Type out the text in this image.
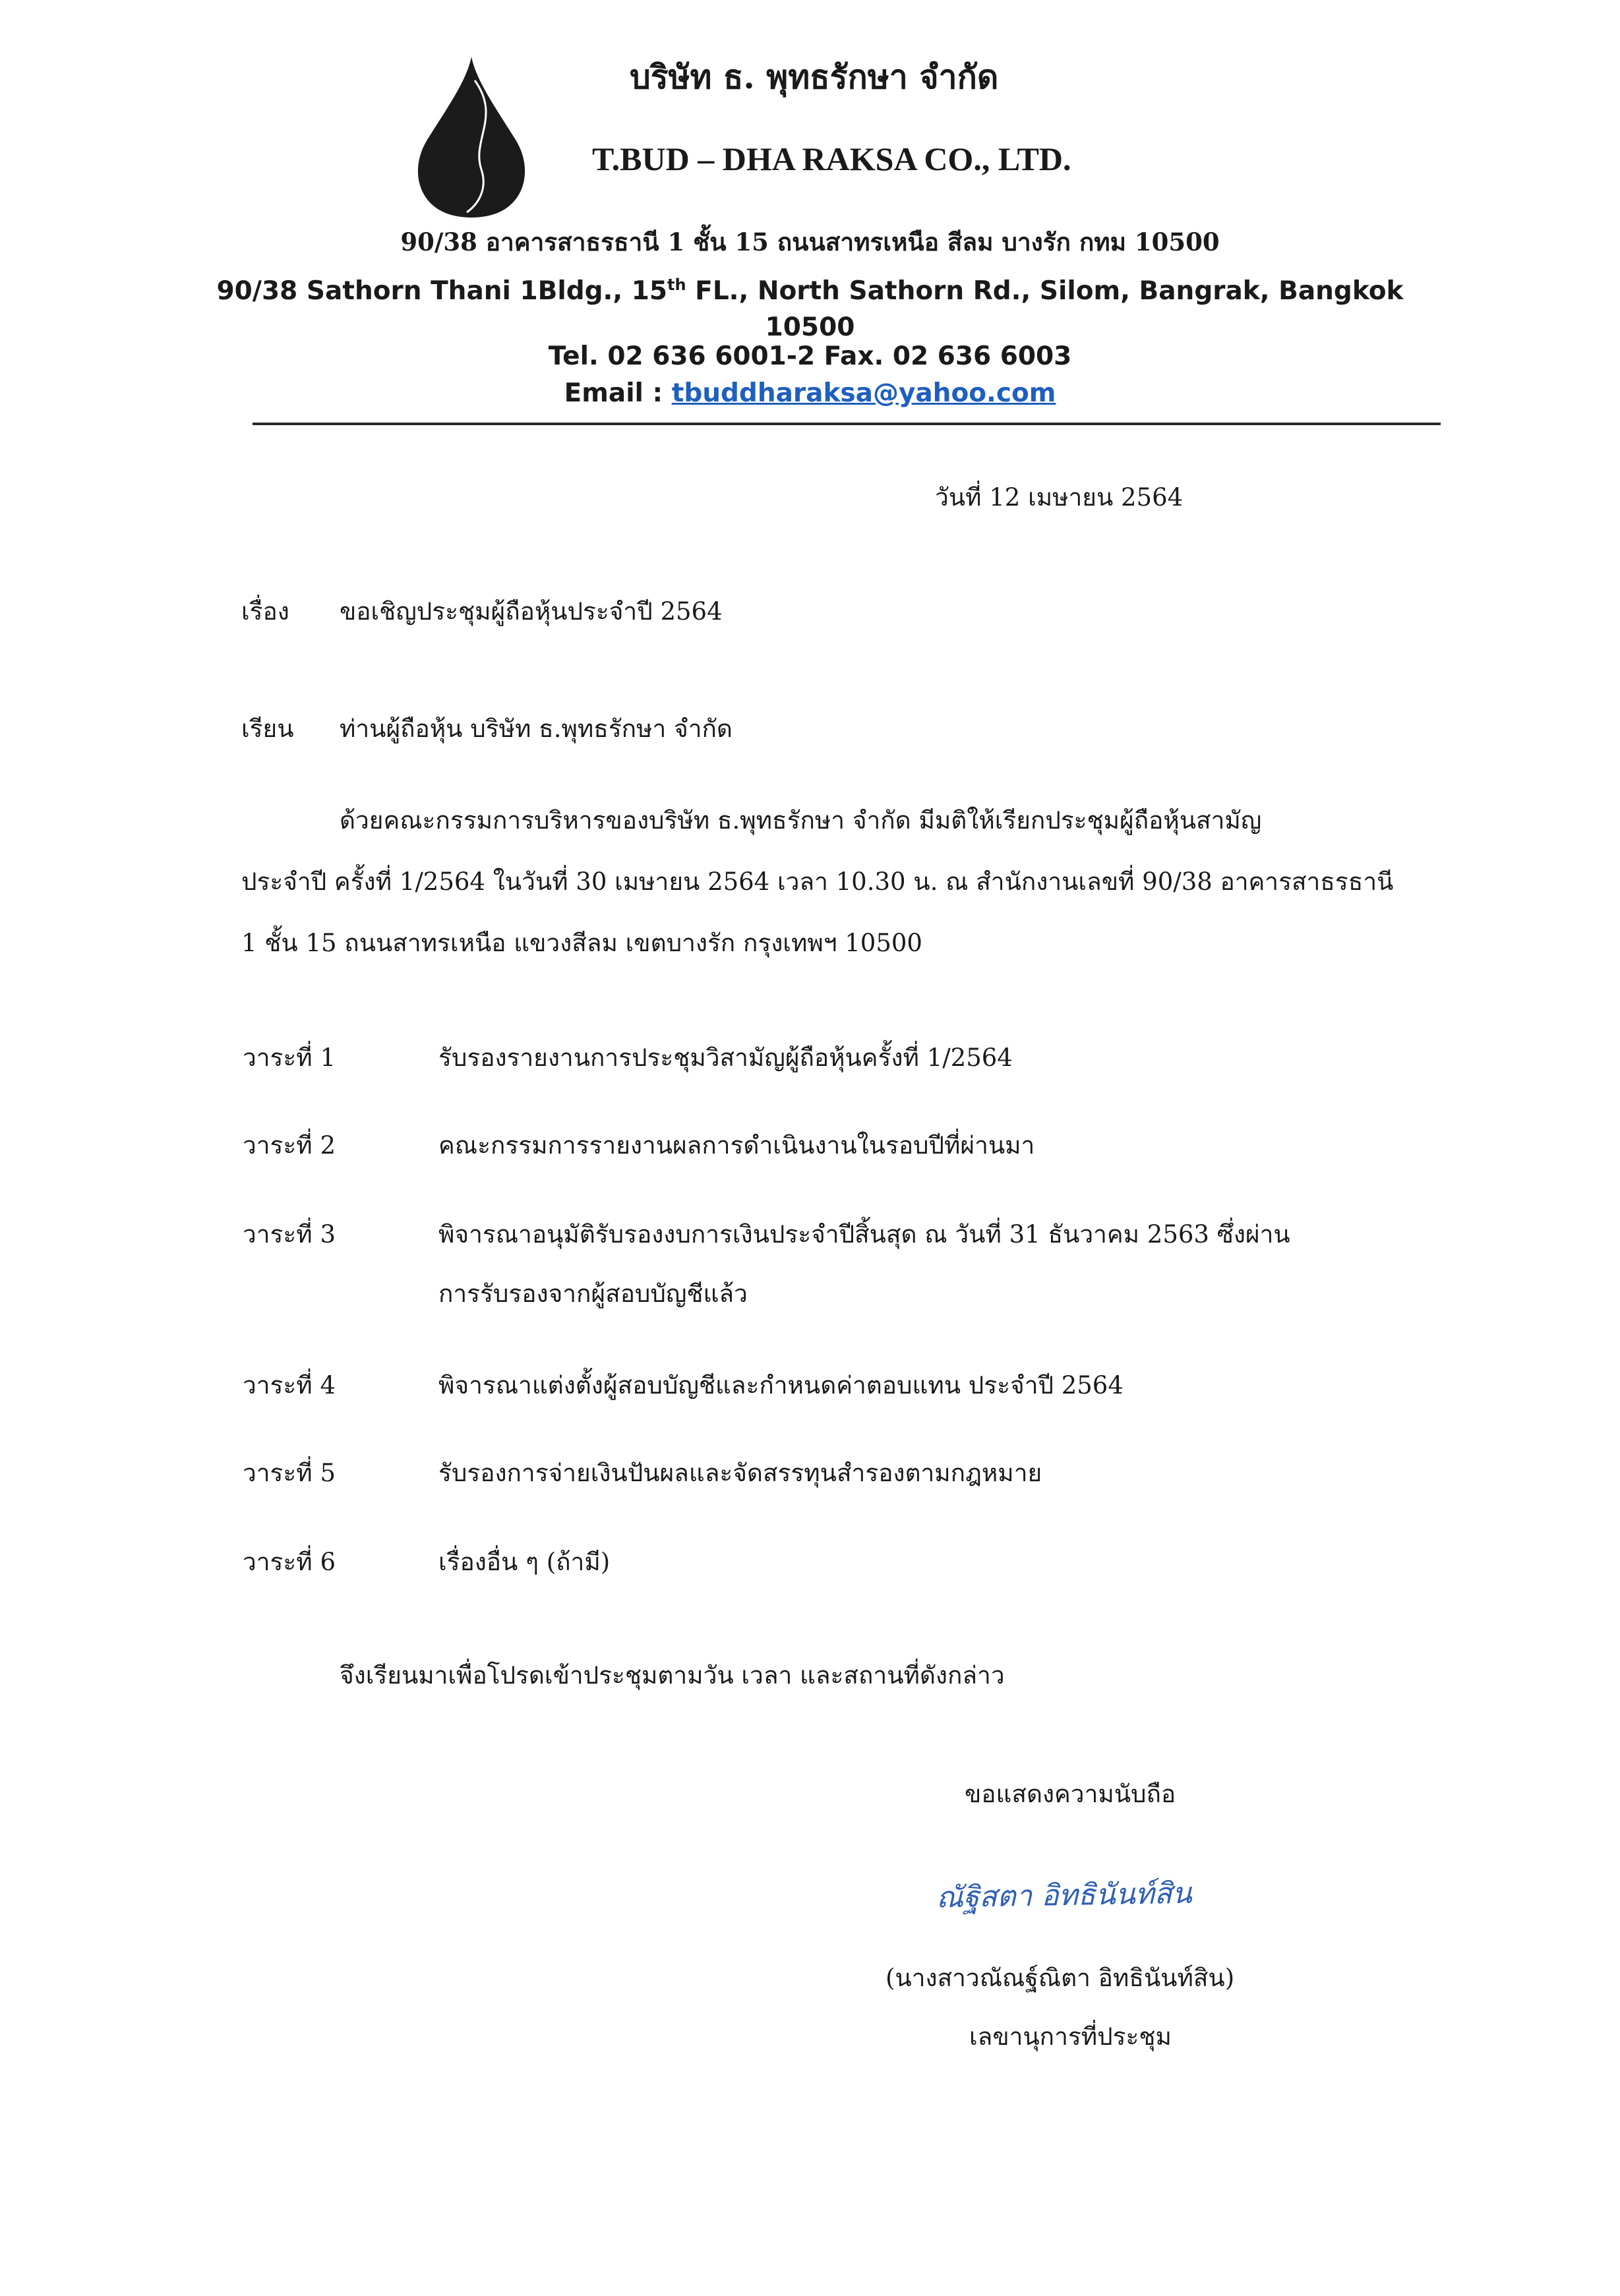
บริษัท ธ. พุทธรักษา จำกัด
T.BUD – DHA RAKSA CO., LTD.
90/38 อาคารสาธรธานี 1 ชั้น 15 ถนนสาทรเหนือ สีลม บางรัก กทม 10500
90/38 Sathorn Thani 1Bldg., 15th FL., North Sathorn Rd., Silom, Bangrak, Bangkok
10500
Tel. 02 636 6001-2 Fax. 02 636 6003
Email : tbuddharaksa@yahoo.com
วันที่ 12 เมษายน 2564
เรื่อง ขอเชิญประชุมผู้ถือหุ้นประจำปี 2564
เรียน ท่านผู้ถือหุ้น บริษัท ธ.พุทธรักษา จำกัด
ด้วยคณะกรรมการบริหารของบริษัท ธ.พุทธรักษา จำกัด มีมติให้เรียกประชุมผู้ถือหุ้นสามัญ
ประจำปี ครั้งที่ 1/2564 ในวันที่ 30 เมษายน 2564 เวลา 10.30 น. ณ สำนักงานเลขที่ 90/38 อาคารสาธรธานี
1 ชั้น 15 ถนนสาทรเหนือ แขวงสีลม เขตบางรัก กรุงเทพฯ 10500
วาระที่ 1	รับรองรายงานการประชุมวิสามัญผู้ถือหุ้นครั้งที่ 1/2564
วาระที่ 2	คณะกรรมการรายงานผลการดำเนินงานในรอบปีที่ผ่านมา
วาระที่ 3	พิจารณาอนุมัติรับรองงบการเงินประจำปีสิ้นสุด ณ วันที่ 31 ธันวาคม 2563 ซึ่งผ่าน
การรับรองจากผู้สอบบัญชีแล้ว
วาระที่ 4	พิจารณาแต่งตั้งผู้สอบบัญชีและกำหนดค่าตอบแทน ประจำปี 2564
วาระที่ 5	รับรองการจ่ายเงินปันผลและจัดสรรทุนสำรองตามกฎหมาย
วาระที่ 6	เรื่องอื่น ๆ (ถ้ามี)
จึงเรียนมาเพื่อโปรดเข้าประชุมตามวัน เวลา และสถานที่ดังกล่าว
ขอแสดงความนับถือ
ณัฐิสตา อิทธินันท์สิน
(นางสาวณัณฐ์ณิตา อิทธินันท์สิน)
เลขานุการที่ประชุม
